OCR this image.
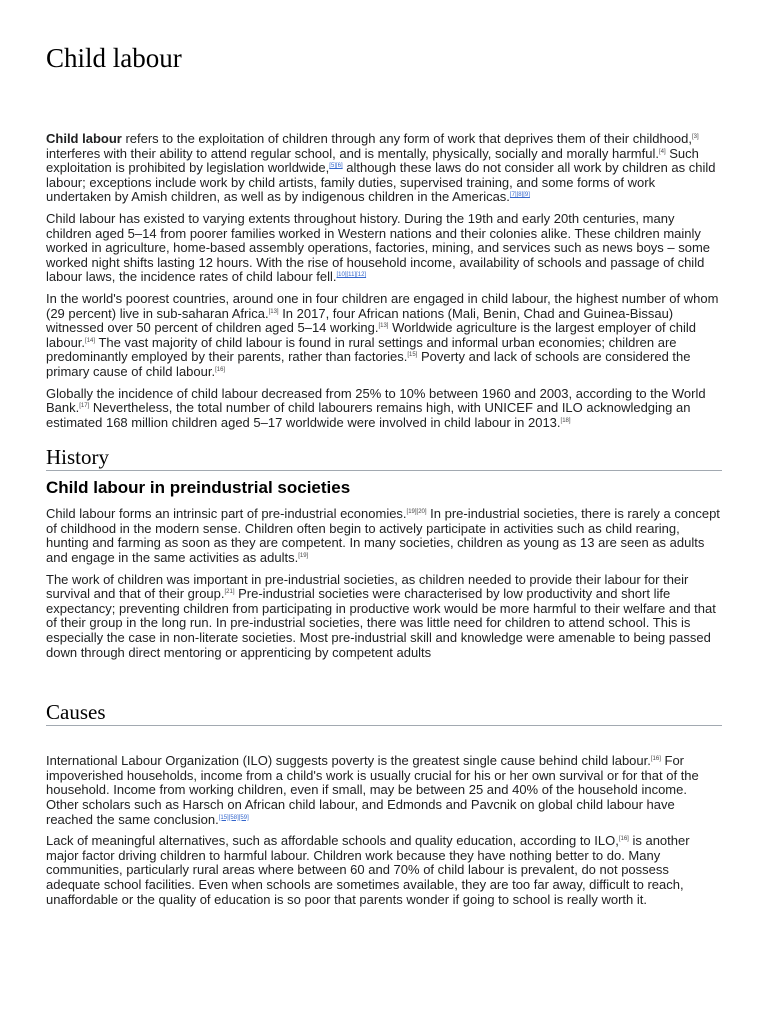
Child labour

Child labour refers to the exploitation of children through any form of work that deprives them of their childhood,[3] interferes with their ability to attend regular school, and is mentally, physically, socially and morally harmful.[4] Such exploitation is prohibited by legislation worldwide,[5][6] although these laws do not consider all work by children as child labour; exceptions include work by child artists, family duties, supervised training, and some forms of work undertaken by Amish children, as well as by indigenous children in the Americas.[7][8][9]

Child labour has existed to varying extents throughout history. During the 19th and early 20th centuries, many children aged 5–14 from poorer families worked in Western nations and their colonies alike. These children mainly worked in agriculture, home-based assembly operations, factories, mining, and services such as news boys – some worked night shifts lasting 12 hours. With the rise of household income, availability of schools and passage of child labour laws, the incidence rates of child labour fell.[10][11][12]

In the world's poorest countries, around one in four children are engaged in child labour, the highest number of whom (29 percent) live in sub-saharan Africa.[13] In 2017, four African nations (Mali, Benin, Chad and Guinea-Bissau) witnessed over 50 percent of children aged 5–14 working.[13] Worldwide agriculture is the largest employer of child labour.[14] The vast majority of child labour is found in rural settings and informal urban economies; children are predominantly employed by their parents, rather than factories.[15] Poverty and lack of schools are considered the primary cause of child labour.[16]

Globally the incidence of child labour decreased from 25% to 10% between 1960 and 2003, according to the World Bank.[17] Nevertheless, the total number of child labourers remains high, with UNICEF and ILO acknowledging an estimated 168 million children aged 5–17 worldwide were involved in child labour in 2013.[18]

History
Child labour in preindustrial societies

Child labour forms an intrinsic part of pre-industrial economies.[19][20] In pre-industrial societies, there is rarely a concept of childhood in the modern sense. Children often begin to actively participate in activities such as child rearing, hunting and farming as soon as they are competent. In many societies, children as young as 13 are seen as adults and engage in the same activities as adults.[19]

The work of children was important in pre-industrial societies, as children needed to provide their labour for their survival and that of their group.[21] Pre-industrial societies were characterised by low productivity and short life expectancy; preventing children from participating in productive work would be more harmful to their welfare and that of their group in the long run. In pre-industrial societies, there was little need for children to attend school. This is especially the case in non-literate societies. Most pre-industrial skill and knowledge were amenable to being passed down through direct mentoring or apprenticing by competent adults

Causes

International Labour Organization (ILO) suggests poverty is the greatest single cause behind child labour.[16] For impoverished households, income from a child's work is usually crucial for his or her own survival or for that of the household. Income from working children, even if small, may be between 25 and 40% of the household income. Other scholars such as Harsch on African child labour, and Edmonds and Pavcnik on global child labour have reached the same conclusion.[15][58][59]

Lack of meaningful alternatives, such as affordable schools and quality education, according to ILO,[16] is another major factor driving children to harmful labour. Children work because they have nothing better to do. Many communities, particularly rural areas where between 60 and 70% of child labour is prevalent, do not possess adequate school facilities. Even when schools are sometimes available, they are too far away, difficult to reach, unaffordable or the quality of education is so poor that parents wonder if going to school is really worth it.
